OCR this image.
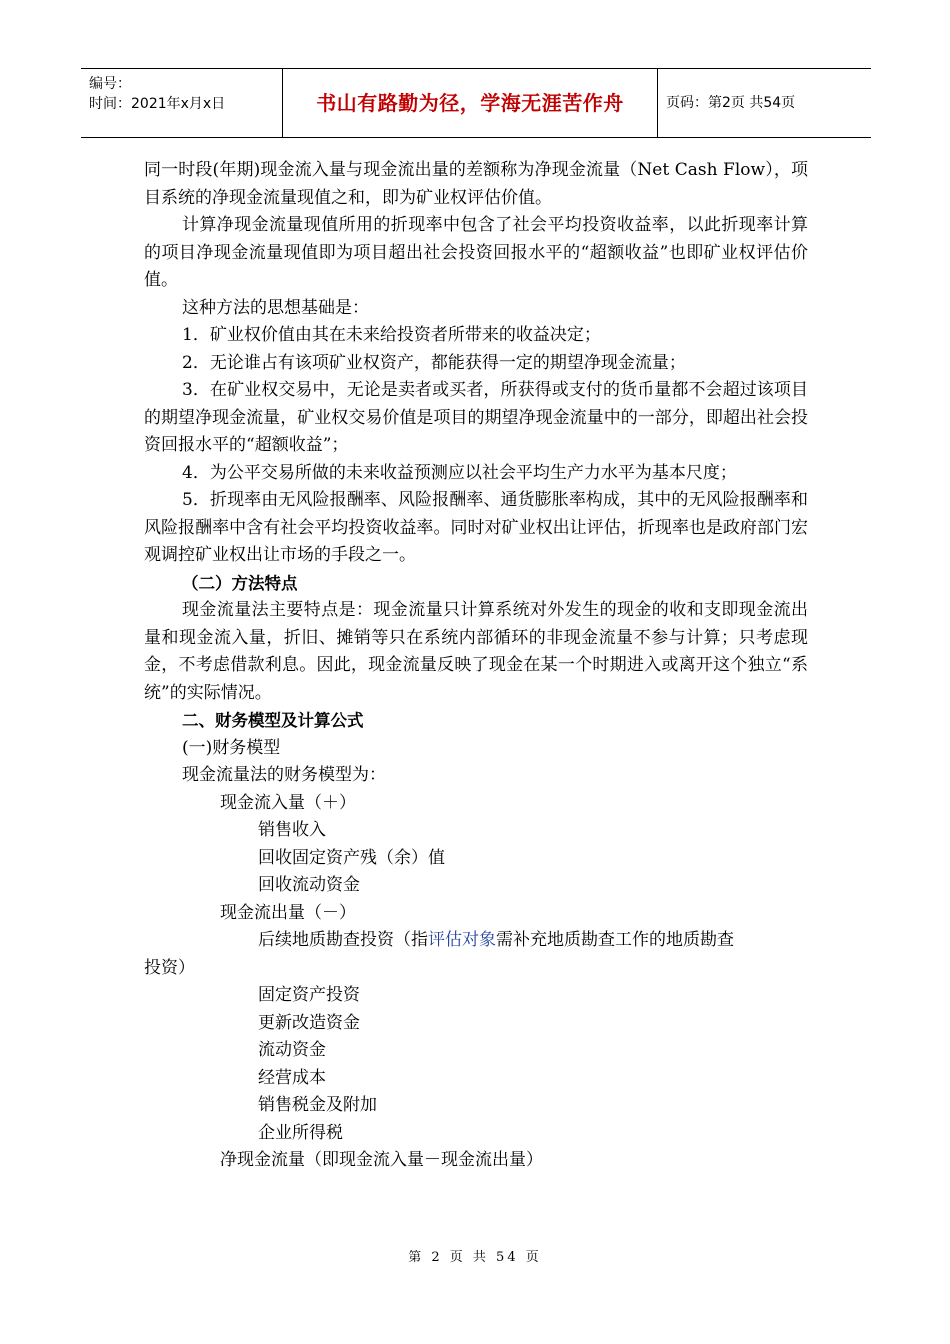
编号：
时间：2021年x月x日	书山有路勤为径，学海无涯苦作舟	页码：第2页 共54页

同一时段(年期)现金流入量与现金流出量的差额称为净现金流量（Net Cash Flow），项目系统的净现金流量现值之和，即为矿业权评估价值。

计算净现金流量现值所用的折现率中包含了社会平均投资收益率，以此折现率计算的项目净现金流量现值即为项目超出社会投资回报水平的“超额收益”也即矿业权评估价值。

这种方法的思想基础是：

1．矿业权价值由其在未来给投资者所带来的收益决定；

2．无论谁占有该项矿业权资产，都能获得一定的期望净现金流量；

3．在矿业权交易中，无论是卖者或买者，所获得或支付的货币量都不会超过该项目的期望净现金流量，矿业权交易价值是项目的期望净现金流量中的一部分，即超出社会投资回报水平的“超额收益”；

4．为公平交易所做的未来收益预测应以社会平均生产力水平为基本尺度；

5．折现率由无风险报酬率、风险报酬率、通货膨胀率构成，其中的无风险报酬率和风险报酬率中含有社会平均投资收益率。同时对矿业权出让评估，折现率也是政府部门宏观调控矿业权出让市场的手段之一。

（二）方法特点

现金流量法主要特点是：现金流量只计算系统对外发生的现金的收和支即现金流出量和现金流入量，折旧、摊销等只在系统内部循环的非现金流量不参与计算；只考虑现金，不考虑借款利息。因此，现金流量反映了现金在某一个时期进入或离开这个独立“系统”的实际情况。

二、财务模型及计算公式

(一)财务模型

现金流量法的财务模型为：

现金流入量（＋）

销售收入

回收固定资产残（余）值

回收流动资金

现金流出量（－）

后续地质勘查投资（指评估对象需补充地质勘查工作的地质勘查

投资）

固定资产投资

更新改造资金

流动资金

经营成本

销售税金及附加

企业所得税

净现金流量（即现金流入量－现金流出量）

第 2 页 共 54 页
